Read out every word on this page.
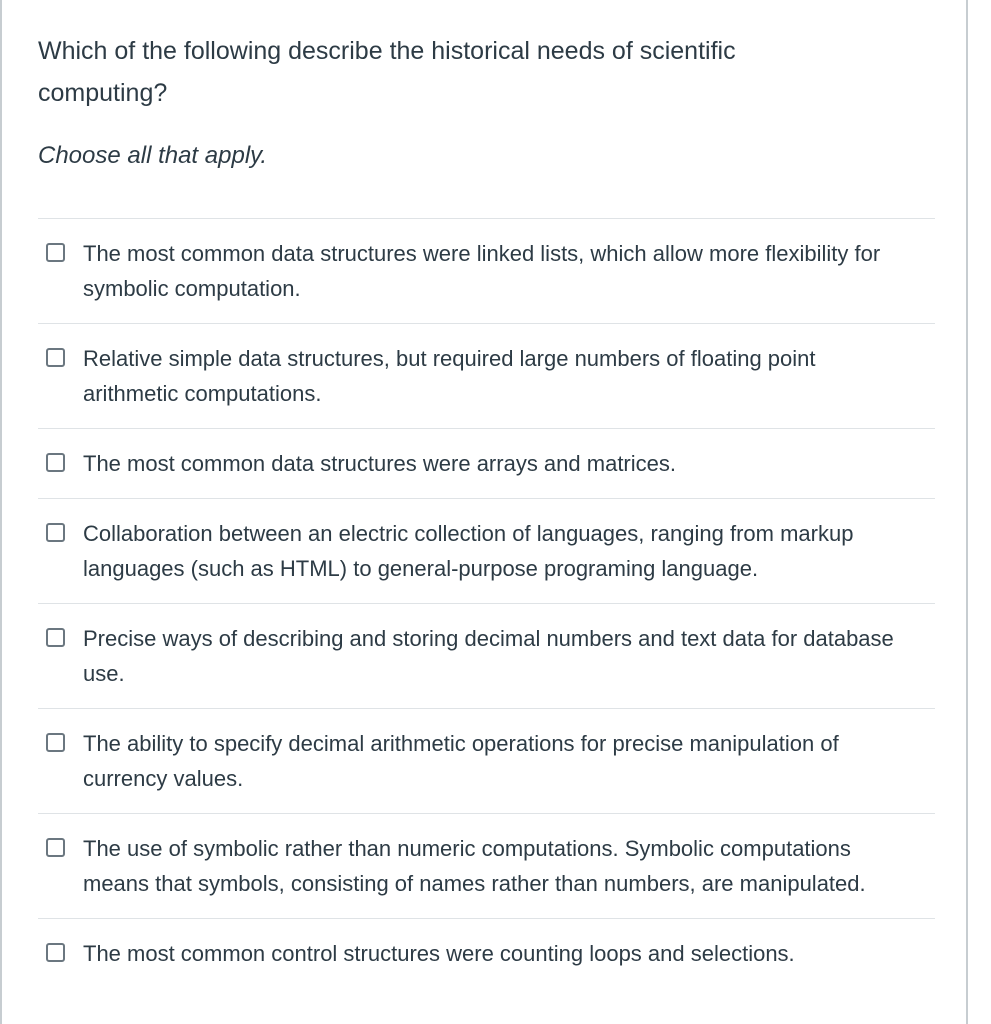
Which of the following describe the historical needs of scientific computing?

Choose all that apply.

The most common data structures were linked lists, which allow more flexibility for symbolic computation.
Relative simple data structures, but required large numbers of floating point arithmetic computations.
The most common data structures were arrays and matrices.
Collaboration between an electric collection of languages, ranging from markup languages (such as HTML) to general-purpose programing language.
Precise ways of describing and storing decimal numbers and text data for database use.
The ability to specify decimal arithmetic operations for precise manipulation of currency values.
The use of symbolic rather than numeric computations. Symbolic computations means that symbols, consisting of names rather than numbers, are manipulated.
The most common control structures were counting loops and selections.
